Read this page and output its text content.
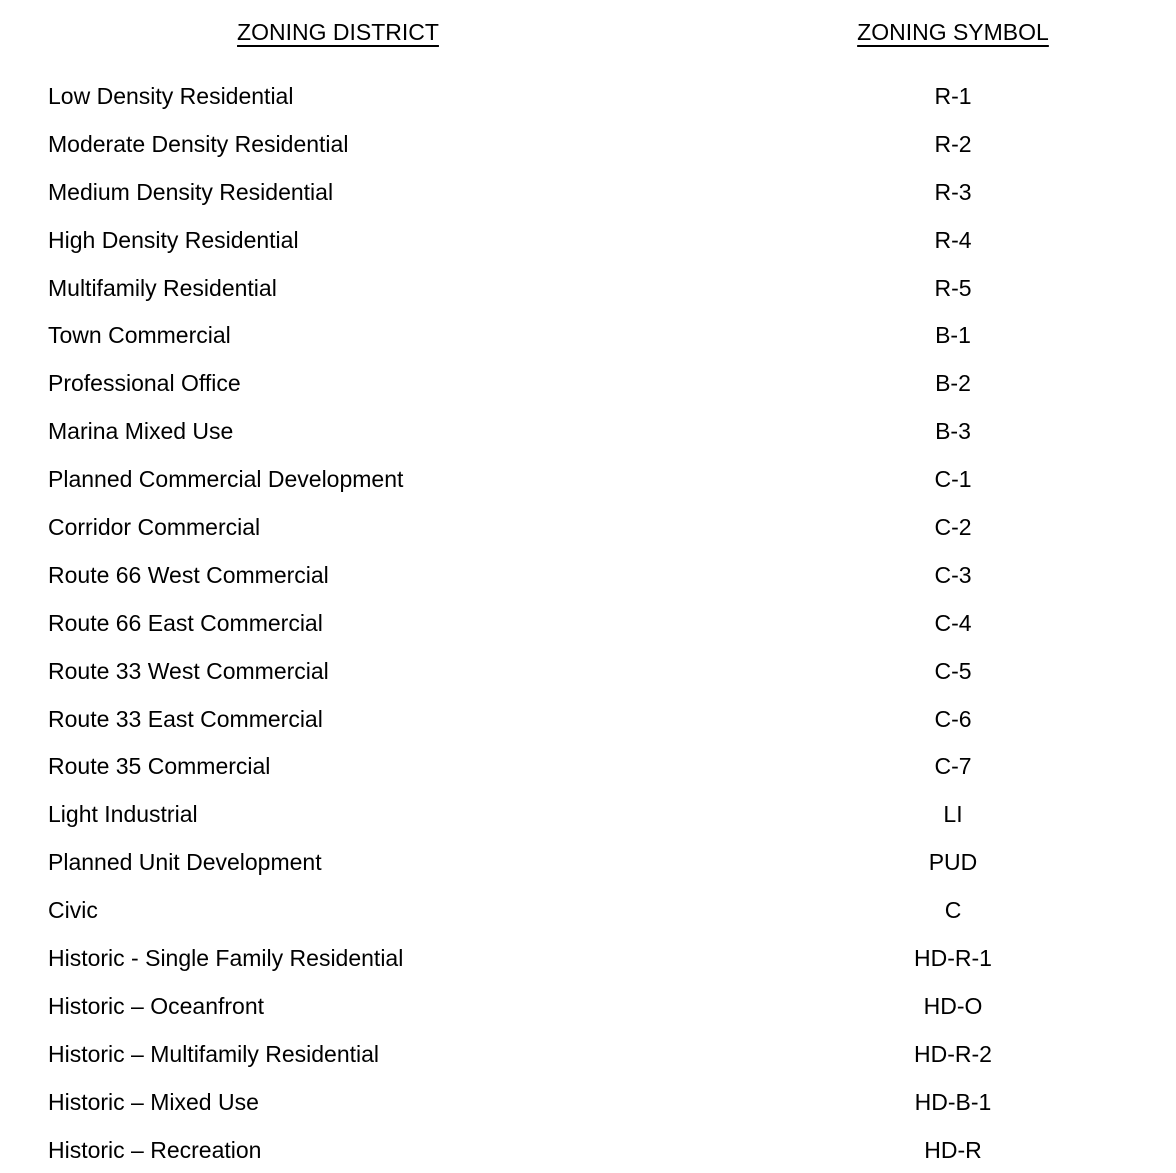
ZONING DISTRICT	ZONING SYMBOL
Low Density Residential	R-1
Moderate Density Residential	R-2
Medium Density Residential	R-3
High Density Residential	R-4
Multifamily Residential	R-5
Town Commercial	B-1
Professional Office	B-2
Marina Mixed Use	B-3
Planned Commercial Development	C-1
Corridor Commercial	C-2
Route 66 West Commercial	C-3
Route 66 East Commercial	C-4
Route 33 West Commercial	C-5
Route 33 East Commercial	C-6
Route 35 Commercial	C-7
Light Industrial	LI
Planned Unit Development	PUD
Civic	C
Historic - Single Family Residential	HD-R-1
Historic – Oceanfront	HD-O
Historic – Multifamily Residential	HD-R-2
Historic – Mixed Use	HD-B-1
Historic – Recreation	HD-R
